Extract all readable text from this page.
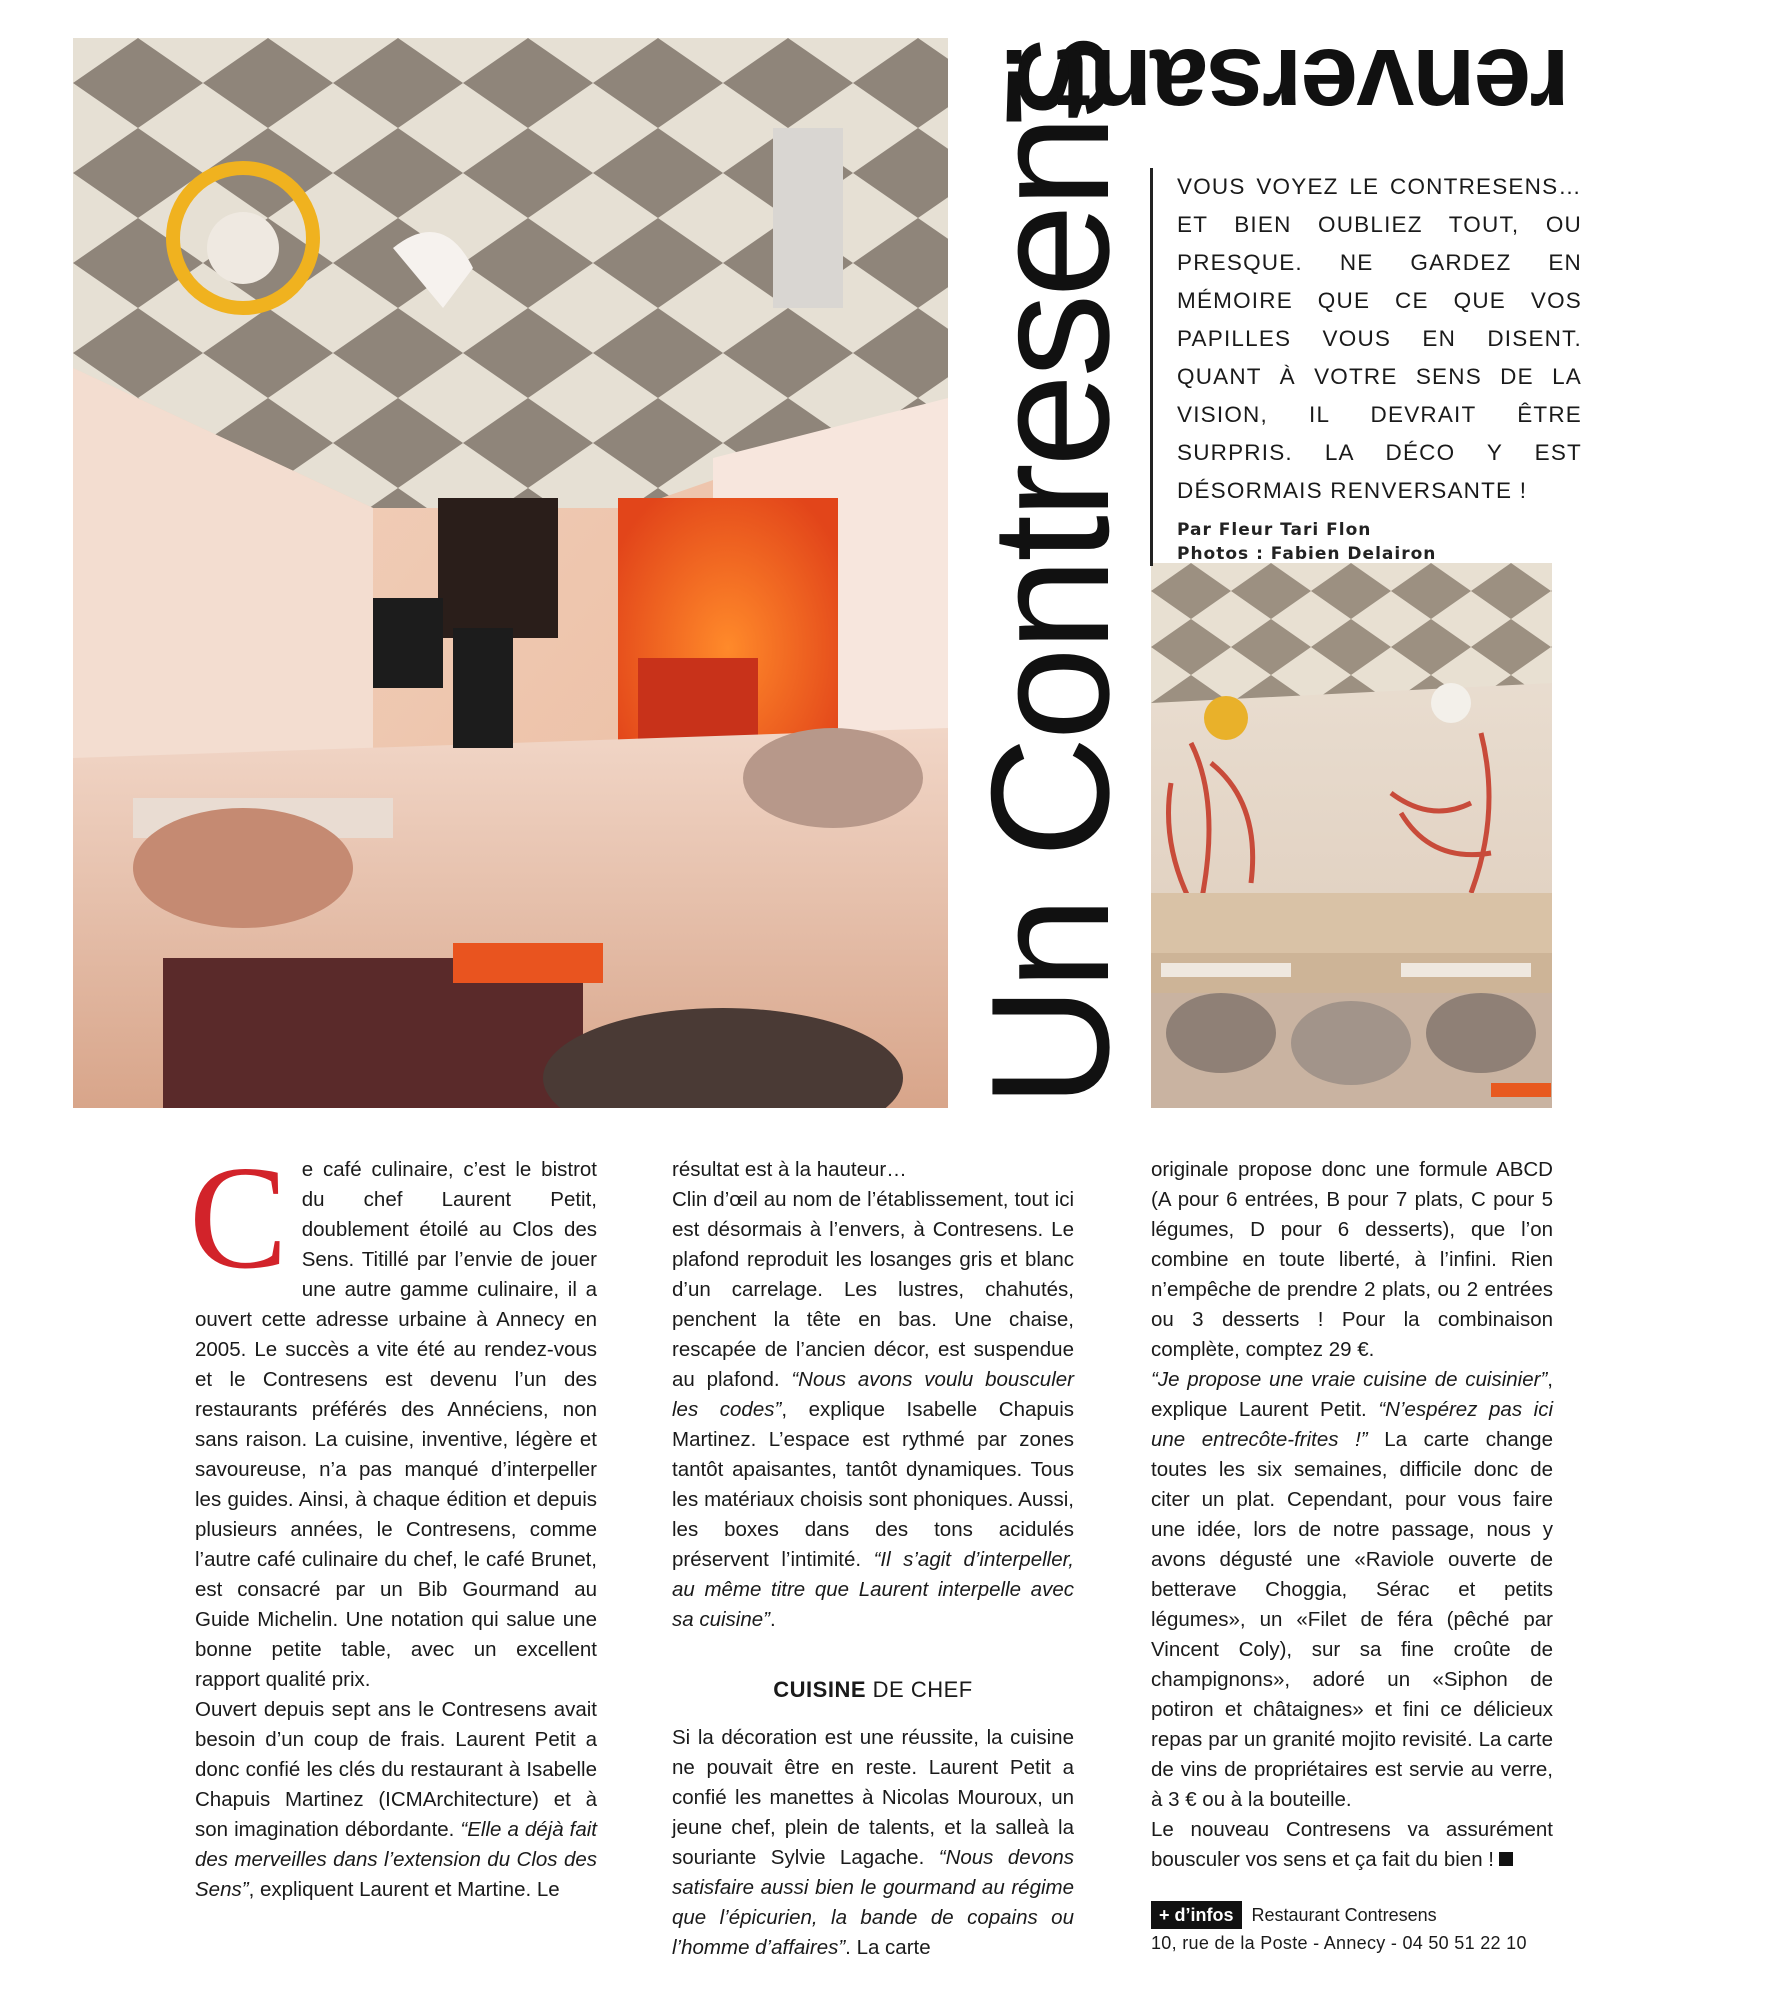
Un Contresens
renversant !

VOUS VOYEZ LE CONTRESENS… ET BIEN OUBLIEZ TOUT, OU PRESQUE. NE GARDEZ EN MÉMOIRE QUE CE QUE VOS PAPILLES VOUS EN DISENT. QUANT À VOTRE SENS DE LA VISION, IL DEVRAIT ÊTRE SURPRIS. LA DÉCO Y EST DÉSORMAIS RENVERSANTE !

Par Fleur Tari Flon
Photos : Fabien Delairon

Ce café culinaire, c’est le bistrot du chef Laurent Petit, doublement étoilé au Clos des Sens. Titillé par l’envie de jouer une autre gamme culinaire, il a ouvert cette adresse urbaine à Annecy en 2005. Le succès a vite été au rendez-vous et le Contresens est devenu l’un des restaurants préférés des Annéciens, non sans raison. La cuisine, inventive, légère et savoureuse, n’a pas manqué d’interpeller les guides. Ainsi, à chaque édition et depuis plusieurs années, le Contresens, comme l’autre café culinaire du chef, le café Brunet, est consacré par un Bib Gourmand au Guide Michelin. Une notation qui salue une bonne petite table, avec un excellent rapport qualité prix.

Ouvert depuis sept ans le Contresens avait besoin d’un coup de frais. Laurent Petit a donc confié les clés du restaurant à Isabelle Chapuis Martinez (ICMArchitecture) et à son imagination débordante. “Elle a déjà fait des merveilles dans l’extension du Clos des Sens”, expliquent Laurent et Martine. Le

résultat est à la hauteur…

Clin d’œil au nom de l’établissement, tout ici est désormais à l’envers, à Contresens. Le plafond reproduit les losanges gris et blanc d’un carrelage. Les lustres, chahutés, penchent la tête en bas. Une chaise, rescapée de l’ancien décor, est suspendue au plafond. “Nous avons voulu bousculer les codes”, explique Isabelle Chapuis Martinez. L’espace est rythmé par zones tantôt apaisantes, tantôt dynamiques. Tous les matériaux choisis sont phoniques. Aussi, les boxes dans des tons acidulés préservent l’intimité. “Il s’agit d’interpeller, au même titre que Laurent interpelle avec sa cuisine”.

CUISINE DE CHEF

Si la décoration est une réussite, la cuisine ne pouvait être en reste. Laurent Petit a confié les manettes à Nicolas Mouroux, un jeune chef, plein de talents, et la salleà la souriante Sylvie Lagache. “Nous devons satisfaire aussi bien le gourmand au régime que l’épicurien, la bande de copains ou l’homme d’affaires”. La carte

originale propose donc une formule ABCD (A pour 6 entrées, B pour 7 plats, C pour 5 légumes, D pour 6 desserts), que l’on combine en toute liberté, à l’infini. Rien n’empêche de prendre 2 plats, ou 2 entrées ou 3 desserts ! Pour la combinaison complète, comptez 29 €.

“Je propose une vraie cuisine de cuisinier”, explique Laurent Petit. “N’espérez pas ici une entrecôte-frites !” La carte change toutes les six semaines, difficile donc de citer un plat. Cependant, pour vous faire une idée, lors de notre passage, nous y avons dégusté une «Raviole ouverte de betterave Choggia, Sérac et petits légumes», un «Filet de féra (pêché par Vincent Coly), sur sa fine croûte de champignons», adoré un «Siphon de potiron et châtaignes» et fini ce délicieux repas par un granité mojito revisité. La carte de vins de propriétaires est servie au verre, à 3 € ou à la bouteille.

Le nouveau Contresens va assurément bousculer vos sens et ça fait du bien !

+ d’infos Restaurant Contresens
10, rue de la Poste - Annecy - 04 50 51 22 10
